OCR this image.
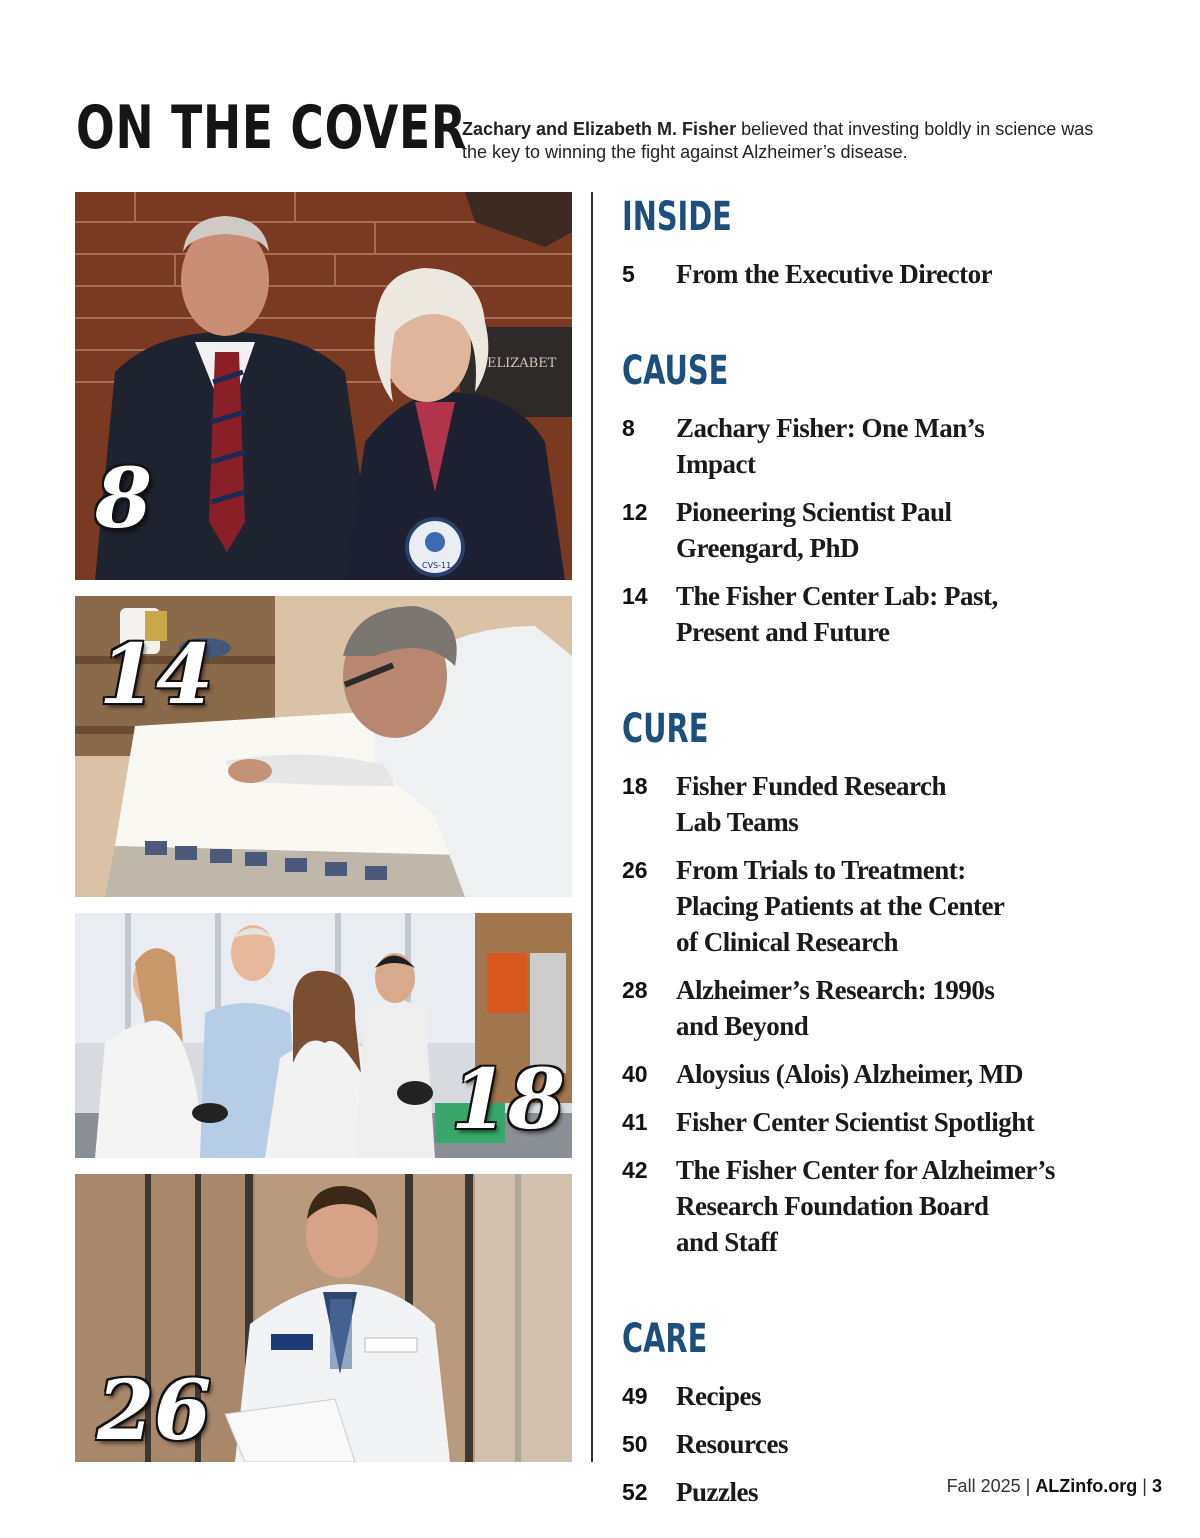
ON THE COVER

Zachary and Elizabeth M. Fisher believed that investing boldly in science was the key to winning the fight against Alzheimer’s disease.

ELIZABET
CVS-11
8
14
18
26
INSIDE
5	From the Executive Director
CAUSE
8	Zachary Fisher: One Man’s
Impact
12	Pioneering Scientist Paul
Greengard, PhD
14	The Fisher Center Lab: Past,
Present and Future
CURE
18	Fisher Funded Research
Lab Teams
26	From Trials to Treatment:
Placing Patients at the Center
of Clinical Research
28	Alzheimer’s Research: 1990s
and Beyond
40	Aloysius (Alois) Alzheimer, MD
41	Fisher Center Scientist Spotlight
42	The Fisher Center for Alzheimer’s
Research Foundation Board
and Staff
CARE
49	Recipes
50	Resources
52	Puzzles	Fall 2025 | ALZinfo.org | 3
